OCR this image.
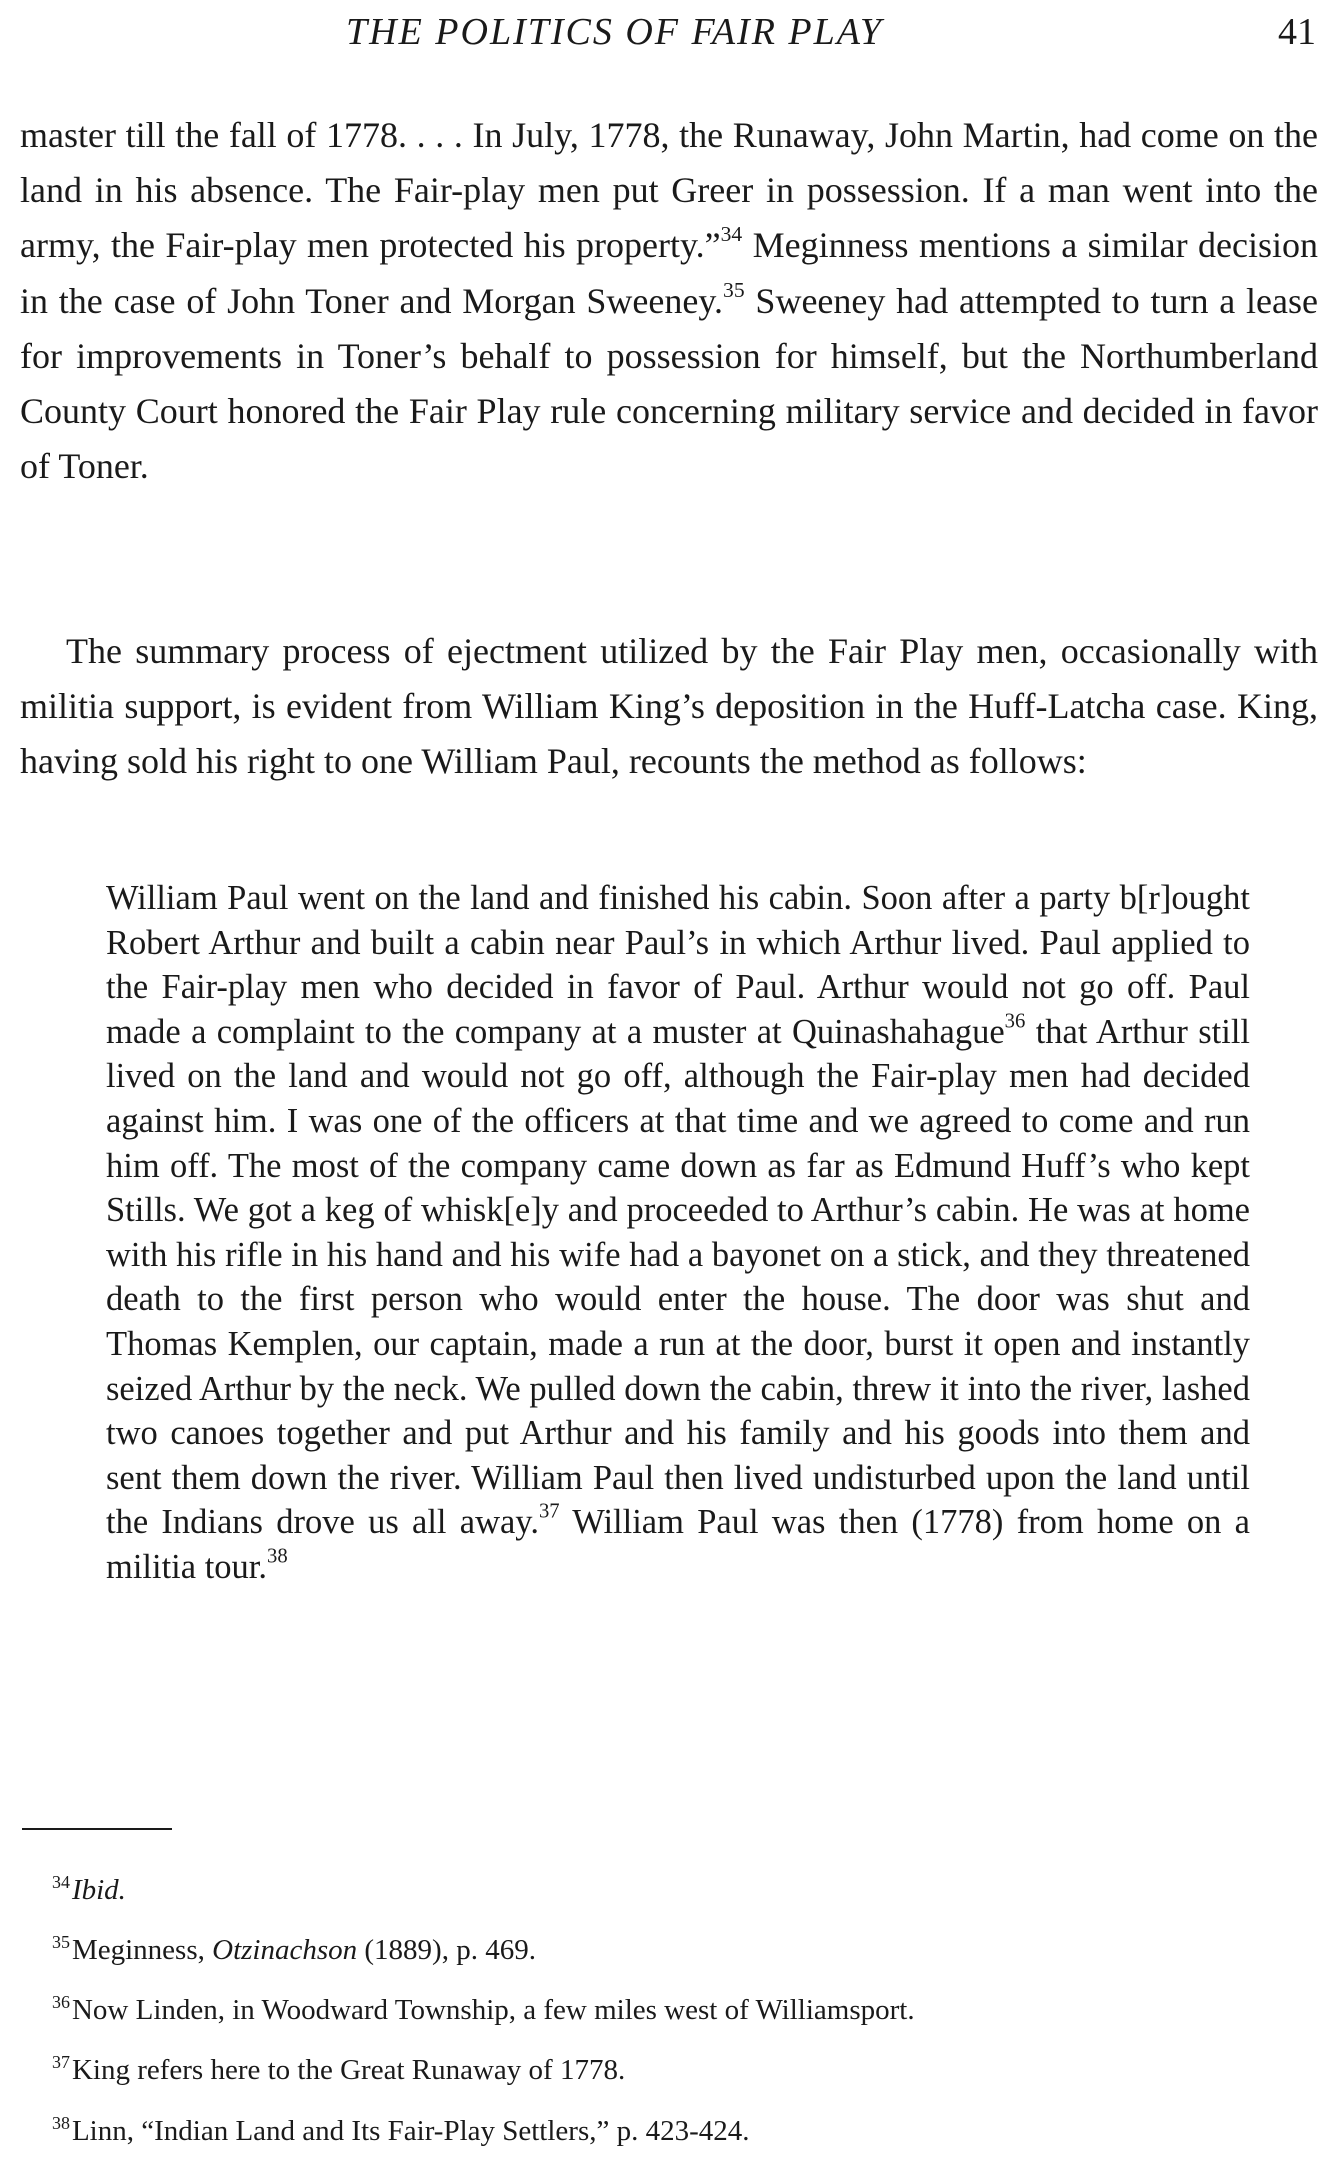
THE POLITICS OF FAIR PLAY	41
master till the fall of 1778. . . . In July, 1778, the Runaway, John Martin, had come on the land in his absence. The Fair-play men put Greer in possession. If a man went into the army, the Fair-play men protected his property.”$^{34}$ Meginness mentions a similar decision in the case of John Toner and Morgan Sweeney.$^{35}$ Sweeney had attempted to turn a lease for improvements in Toner’s behalf to possession for himself, but the Northumberland County Court honored the Fair Play rule concerning military service and decided in favor of Toner.
The summary process of ejectment utilized by the Fair Play men, occasionally with militia support, is evident from William King’s deposition in the Huff-Latcha case. King, having sold his right to one William Paul, recounts the method as follows:
William Paul went on the land and finished his cabin. Soon after a party b[r]ought Robert Arthur and built a cabin near Paul’s in which Arthur lived. Paul applied to the Fair-play men who decided in favor of Paul. Arthur would not go off. Paul made a complaint to the company at a muster at Quinashahague$^{36}$ that Arthur still lived on the land and would not go off, although the Fair-play men had decided against him. I was one of the officers at that time and we agreed to come and run him off. The most of the company came down as far as Edmund Huff’s who kept Stills. We got a keg of whisk[e]y and proceeded to Arthur’s cabin. He was at home with his rifle in his hand and his wife had a bayonet on a stick, and they threatened death to the first person who would enter the house. The door was shut and Thomas Kemplen, our captain, made a run at the door, burst it open and instantly seized Arthur by the neck. We pulled down the cabin, threw it into the river, lashed two canoes together and put Arthur and his family and his goods into them and sent them down the river. William Paul then lived undisturbed upon the land until the Indians drove us all away.$^{37}$ William Paul was then (1778) from home on a militia tour.$^{38}$
$^{34}$Ibid.
$^{35}$Meginness, Otzinachson (1889), p. 469.
$^{36}$Now Linden, in Woodward Township, a few miles west of Williamsport.
$^{37}$King refers here to the Great Runaway of 1778.
$^{38}$Linn, “Indian Land and Its Fair-Play Settlers,” p. 423-424.
